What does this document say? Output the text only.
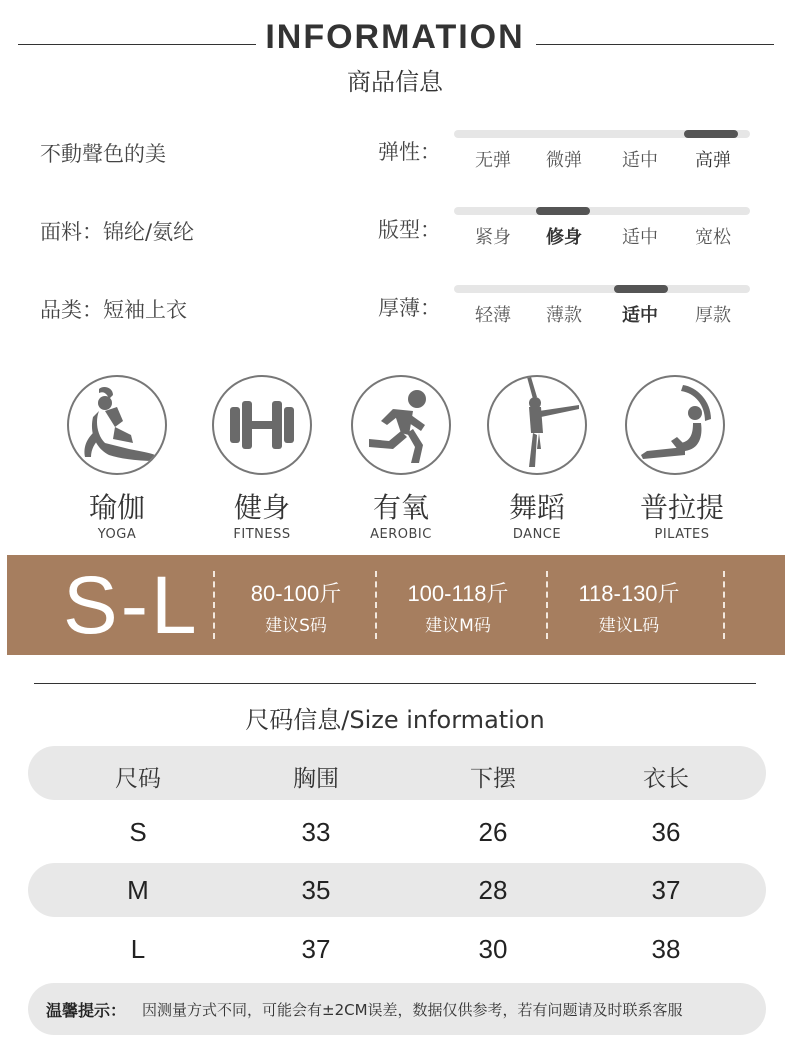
INFORMATION
商品信息
不動聲色的美
面料：锦纶/氨纶
品类：短袖上衣
弹性：	无弹	微弹	适中	高弹
版型：	紧身	修身	适中	宽松
厚薄：	轻薄	薄款	适中	厚款
瑜伽
YOGA
健身
FITNESS
有氧
AEROBIC
舞蹈
DANCE
普拉提
PILATES
S-L	80-100斤
建议S码
100-118斤
建议M码
118-130斤
建议L码
尺码信息/Size information
尺码	胸围	下摆	衣长
S	33	26	36
M	35	28	37
L	37	30	38
温馨提示： 因测量方式不同，可能会有±2CM误差，数据仅供参考，若有问题请及时联系客服
